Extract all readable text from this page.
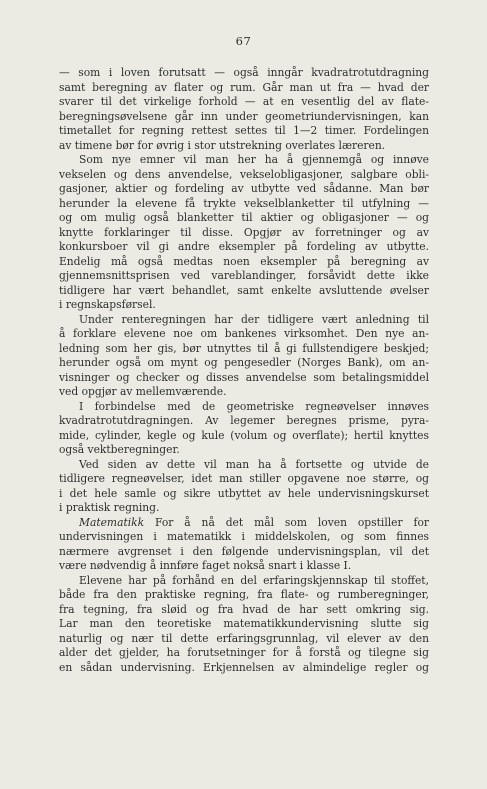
67
— som i loven forutsatt — også inngår kvadratrotutdragning
samt beregning av flater og rum. Går man ut fra — hvad der
svarer til det virkelige forhold — at en vesentlig del av flate-
beregningsøvelsene går inn under geometriundervisningen, kan
timetallet for regning rettest settes til 1—2 timer. Fordelingen
av timene bør for øvrig i stor utstrekning overlates læreren.
Som nye emner vil man her ha å gjennemgå og innøve
vekselen og dens anvendelse, vekselobligasjoner, salgbare obli-
gasjoner, aktier og fordeling av utbytte ved sådanne. Man bør
herunder la elevene få trykte vekselblanketter til utfylning —
og om mulig også blanketter til aktier og obligasjoner — og
knytte forklaringer til disse. Opgjør av forretninger og av
konkursboer vil gi andre eksempler på fordeling av utbytte.
Endelig må også medtas noen eksempler på beregning av
gjennemsnittsprisen ved vareblandinger, forsåvidt dette ikke
tidligere har vært behandlet, samt enkelte avsluttende øvelser
i regnskapsførsel.
Under renteregningen har der tidligere vært anledning til
å forklare elevene noe om bankenes virksomhet. Den nye an-
ledning som her gis, bør utnyttes til å gi fullstendigere beskjed;
herunder også om mynt og pengesedler (Norges Bank), om an-
visninger og checker og disses anvendelse som betalingsmiddel
ved opgjør av mellemværende.
I forbindelse med de geometriske regneøvelser innøves
kvadratrotutdragningen. Av legemer beregnes prisme, pyra-
mide, cylinder, kegle og kule (volum og overflate); hertil knyttes
også vektberegninger.
Ved siden av dette vil man ha å fortsette og utvide de
tidligere regneøvelser, idet man stiller opgavene noe større, og
i det hele samle og sikre utbyttet av hele undervisningskurset
i praktisk regning.
Matematikk For å nå det mål som loven opstiller for
undervisningen i matematikk i middelskolen, og som finnes
nærmere avgrenset i den følgende undervisningsplan, vil det
være nødvendig å innføre faget nokså snart i klasse I.
Elevene har på forhånd en del erfaringskjennskap til stoffet,
både fra den praktiske regning, fra flate- og rumberegninger,
fra tegning, fra sløid og fra hvad de har sett omkring sig.
Lar man den teoretiske matematikkundervisning slutte sig
naturlig og nær til dette erfaringsgrunnlag, vil elever av den
alder det gjelder, ha forutsetninger for å forstå og tilegne sig
en sådan undervisning. Erkjennelsen av almindelige regler og
